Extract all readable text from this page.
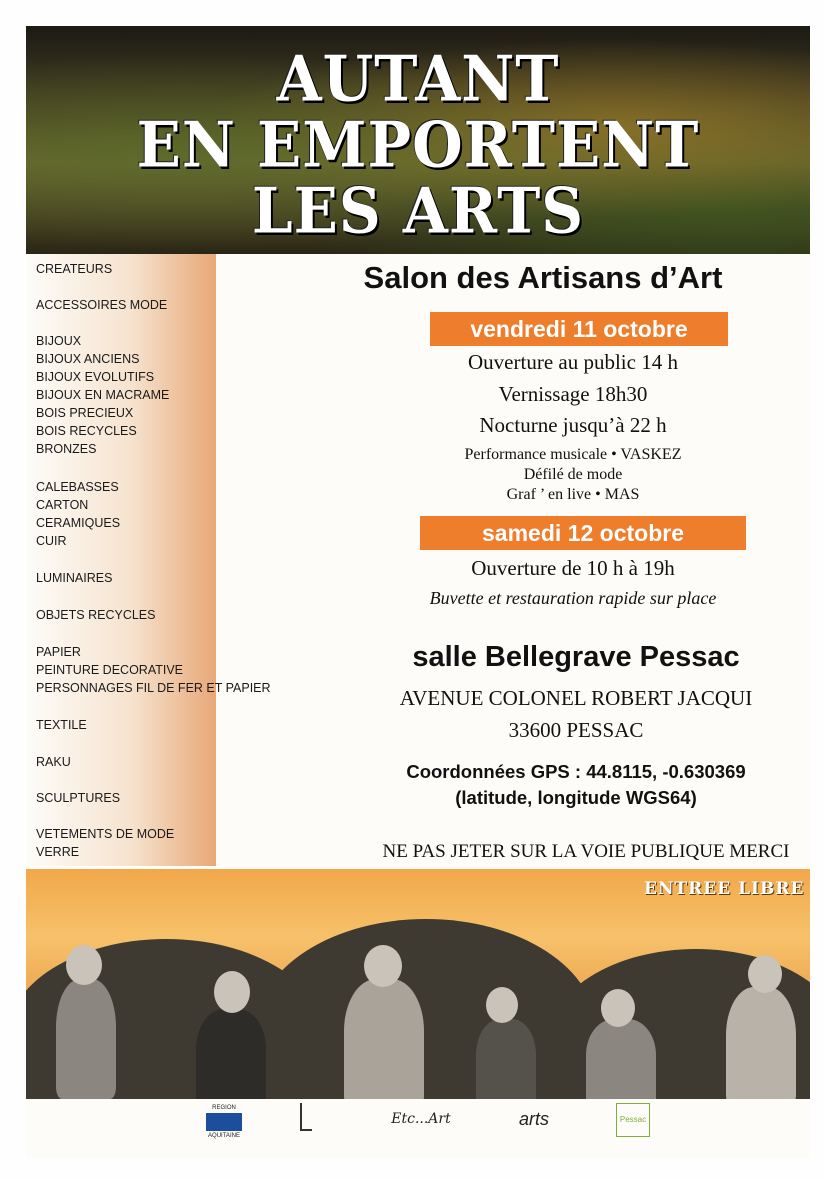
AUTANT
EN EMPORTENT
LES ARTS
CREATEURS
ACCESSOIRES MODE
BIJOUX
BIJOUX ANCIENS
BIJOUX EVOLUTIFS
BIJOUX EN MACRAME
BOIS PRECIEUX
BOIS RECYCLES
BRONZES
CALEBASSES
CARTON
CERAMIQUES
CUIR
LUMINAIRES
OBJETS RECYCLES
PAPIER
PEINTURE DECORATIVE
PERSONNAGES FIL DE FER ET PAPIER
TEXTILE
RAKU
SCULPTURES
VETEMENTS DE MODE
VERRE
Salon des Artisans d’Art
vendredi 11 octobre
Ouverture au public 14 h
Vernissage 18h30
Nocturne jusqu’à 22 h
Performance musicale • VASKEZ
Défilé de mode
Graf ’ en live • MAS
samedi 12 octobre
Ouverture de 10 h à 19h
Buvette et restauration rapide sur place
salle Bellegrave Pessac
AVENUE COLONEL ROBERT JACQUI
33600 PESSAC
Coordonnées GPS : 44.8115, -0.630369
(latitude, longitude WGS64)
NE PAS JETER SUR LA VOIE PUBLIQUE MERCI
ENTREE LIBRE
REGION
AQUITAINE
Etc...Art	arts	Pessac
